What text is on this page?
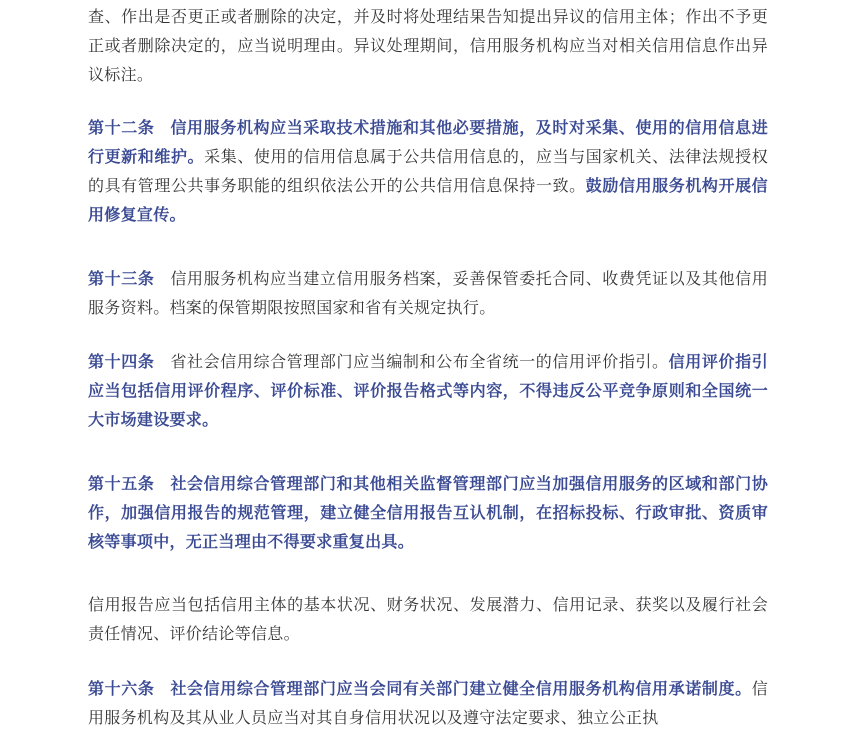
查、作出是否更正或者删除的决定，并及时将处理结果告知提出异议的信用主体；作出不予更正或者删除决定的，应当说明理由。异议处理期间，信用服务机构应当对相关信用信息作出异议标注。

第十二条 信用服务机构应当采取技术措施和其他必要措施，及时对采集、使用的信用信息进行更新和维护。采集、使用的信用信息属于公共信用信息的，应当与国家机关、法律法规授权的具有管理公共事务职能的组织依法公开的公共信用信息保持一致。鼓励信用服务机构开展信用修复宣传。

第十三条 信用服务机构应当建立信用服务档案，妥善保管委托合同、收费凭证以及其他信用服务资料。档案的保管期限按照国家和省有关规定执行。

第十四条 省社会信用综合管理部门应当编制和公布全省统一的信用评价指引。信用评价指引应当包括信用评价程序、评价标准、评价报告格式等内容，不得违反公平竞争原则和全国统一大市场建设要求。

第十五条 社会信用综合管理部门和其他相关监督管理部门应当加强信用服务的区域和部门协作，加强信用报告的规范管理，建立健全信用报告互认机制，在招标投标、行政审批、资质审核等事项中，无正当理由不得要求重复出具。

信用报告应当包括信用主体的基本状况、财务状况、发展潜力、信用记录、获奖以及履行社会责任情况、评价结论等信息。

第十六条 社会信用综合管理部门应当会同有关部门建立健全信用服务机构信用承诺制度。信用服务机构及其从业人员应当对其自身信用状况以及遵守法定要求、独立公正执
